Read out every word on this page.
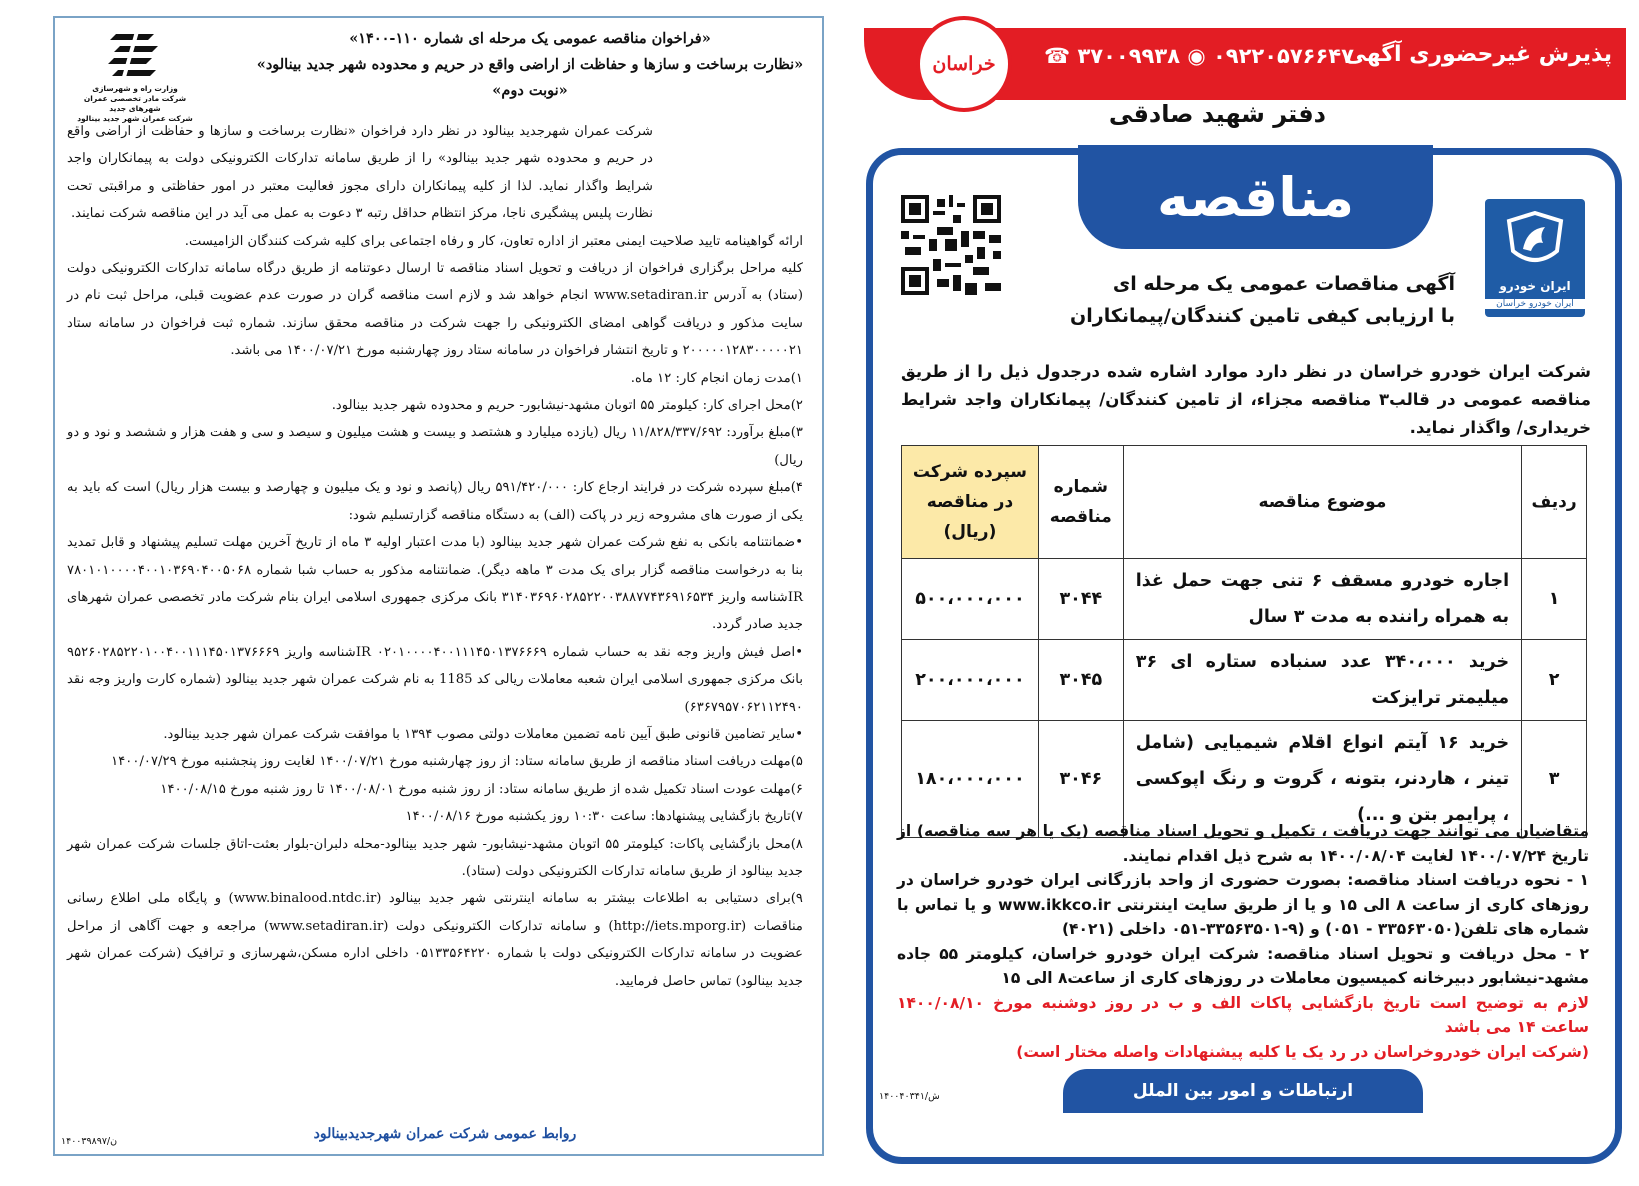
«فراخوان مناقصه عمومی یک مرحله ای شماره ۱۱۰-۱۴۰۰»
«نظارت برساخت و سازها و حفاظت از اراضی واقع در حریم و محدوده شهر جدید بینالود»
«نوبت دوم»
وزارت راه و شهرسازی
شرکت مادر تخصصی عمران شهرهای جدید
شرکت عمران شهر جدید بینالود

شرکت عمران شهرجدید بینالود در نظر دارد فراخوان «نظارت برساخت و سازها و حفاظت از اراضی واقع در حریم و محدوده شهر جدید بینالود» را از طریق سامانه تدارکات الکترونیکی دولت به پیمانکاران واجد شرایط واگذار نماید. لذا از کلیه پیمانکاران دارای مجوز فعالیت معتبر در امور حفاظتی و مراقبتی تحت نظارت پلیس پیشگیری ناجا، مرکز انتظام حداقل رتبه ۳ دعوت به عمل می آید در این مناقصه شرکت نمایند.

ارائه گواهینامه تایید صلاحیت ایمنی معتبر از اداره تعاون، کار و رفاه اجتماعی برای کلیه شرکت کنندگان الزامیست.

کلیه مراحل برگزاری فراخوان از دریافت و تحویل اسناد مناقصه تا ارسال دعوتنامه از طریق درگاه سامانه تدارکات الکترونیکی دولت (ستاد) به آدرس www.setadiran.ir انجام خواهد شد و لازم است مناقصه گران در صورت عدم عضویت قبلی، مراحل ثبت نام در سایت مذکور و دریافت گواهی امضای الکترونیکی را جهت شرکت در مناقصه محقق سازند. شماره ثبت فراخوان در سامانه ستاد ۲۰۰۰۰۰۱۲۸۳۰۰۰۰۰۲۱ و تاریخ انتشار فراخوان در سامانه ستاد روز چهارشنبه مورخ ۱۴۰۰/۰۷/۲۱ می باشد.

۱)مدت زمان انجام کار: ۱۲ ماه.

۲)محل اجرای کار: کیلومتر ۵۵ اتوبان مشهد-نیشابور- حریم و محدوده شهر جدید بینالود.

۳)مبلغ برآورد: ۱۱/۸۲۸/۳۳۷/۶۹۲ ریال (یازده میلیارد و هشتصد و بیست و هشت میلیون و سیصد و سی و هفت هزار و ششصد و نود و دو ریال)

۴)مبلغ سپرده شرکت در فرایند ارجاع کار: ۵۹۱/۴۲۰/۰۰۰ ریال (پانصد و نود و یک میلیون و چهارصد و بیست هزار ریال) است که باید به یکی از صورت های مشروحه زیر در پاکت (الف) به دستگاه مناقصه گزارتسلیم شود:

•ضمانتنامه بانکی به نفع شرکت عمران شهر جدید بینالود (با مدت اعتبار اولیه ۳ ماه از تاریخ آخرین مهلت تسلیم پیشنهاد و قابل تمدید بنا به درخواست مناقصه گزار برای یک مدت ۳ ماهه دیگر). ضمانتنامه مذکور به حساب شبا شماره ۷۸۰۱۰۱۰۰۰۰۴۰۰۱۰۳۶۹۰۴۰۰۵۰۶۸ IRشناسه واریز ۳۱۴۰۳۶۹۶۰۲۸۵۲۲۰۰۳۸۸۷۷۴۳۶۹۱۶۵۳۴ بانک مرکزی جمهوری اسلامی ایران بنام شرکت مادر تخصصی عمران شهرهای جدید صادر گردد.

•اصل فیش واریز وجه نقد به حساب شماره ۰۲۰۱۰۰۰۰۴۰۰۱۱۱۴۵۰۱۳۷۶۶۶۹ IRشناسه واریز ۹۵۲۶۰۲۸۵۲۲۰۱۰۰۴۰۰۱۱۱۴۵۰۱۳۷۶۶۶۹ بانک مرکزی جمهوری اسلامی ایران شعبه معاملات ریالی کد 1185 به نام شرکت عمران شهر جدید بینالود (شماره کارت واریز وجه نقد ۶۳۶۷۹۵۷۰۶۲۱۱۲۴۹۰)

•سایر تضامین قانونی طبق آیین نامه تضمین معاملات دولتی مصوب ۱۳۹۴ با موافقت شرکت عمران شهر جدید بینالود.

۵)مهلت دریافت اسناد مناقصه از طریق سامانه ستاد: از روز چهارشنبه مورخ ۱۴۰۰/۰۷/۲۱ لغایت روز پنجشنبه مورخ ۱۴۰۰/۰۷/۲۹

۶)مهلت عودت اسناد تکمیل شده از طریق سامانه ستاد: از روز شنبه مورخ ۱۴۰۰/۰۸/۰۱ تا روز شنبه مورخ ۱۴۰۰/۰۸/۱۵

۷)تاریخ بازگشایی پیشنهادها: ساعت ۱۰:۳۰ روز یکشنبه مورخ ۱۴۰۰/۰۸/۱۶

۸)محل بازگشایی پاکات: کیلومتر ۵۵ اتوبان مشهد-نیشابور- شهر جدید بینالود-محله دلبران-بلوار بعثت-اتاق جلسات شرکت عمران شهر جدید بینالود از طریق سامانه تدارکات الکترونیکی دولت (ستاد).

۹)برای دستیابی به اطلاعات بیشتر به سامانه اینترنتی شهر جدید بینالود (www.binalood.ntdc.ir) و پایگاه ملی اطلاع رسانی مناقصات (http://iets.mporg.ir) و سامانه تدارکات الکترونیکی دولت (www.setadiran.ir) مراجعه و جهت آگاهی از مراحل عضویت در سامانه تدارکات الکترونیکی دولت با شماره ۰۵۱۳۳۵۶۴۲۲۰ داخلی اداره مسکن،شهرسازی و ترافیک (شرکت عمران شهر جدید بینالود) تماس حاصل فرمایید.

روابط عمومی شرکت عمران شهرجدیدبینالود
۱۴۰۰۳۹۸۹۷/ن
پذیرش غیرحضوری آگهی
☎ ۳۷۰۰۹۹۳۸ ◉ ۰۹۲۲۰۵۷۶۶۴۷
خراسان
دفتر شهید صادقی
مناقصه
ایران خودرو
ایران خودرو خراسان
آگهی مناقصات عمومی یک مرحله ای
با ارزیابی کیفی تامین کنندگان/پیمانکاران
شرکت ایران خودرو خراسان در نظر دارد موارد اشاره شده درجدول ذیل را از طریق مناقصه عمومی در قالب۳ مناقصه مجزاء، از تامین کنندگان/ پیمانکاران واجد شرایط خریداری/ واگذار نماید.
ردیف	موضوع مناقصه	شماره مناقصه	سپرده شرکت در مناقصه (ریال)
۱	اجاره خودرو مسقف ۶ تنی جهت حمل غذا به همراه راننده به مدت ۳ سال	۳۰۴۴	۵۰۰،۰۰۰،۰۰۰
۲	خرید ۳۴۰،۰۰۰ عدد سنباده ستاره ای ۳۶ میلیمتر ترایزکت	۳۰۴۵	۲۰۰،۰۰۰،۰۰۰
۳	خرید ۱۶ آیتم انواع اقلام شیمیایی (شامل تینر ، هاردنر، بتونه ، گروت و رنگ اپوکسی ، پرایمر بتن و ...)	۳۰۴۶	۱۸۰،۰۰۰،۰۰۰

متقاضیان می توانند جهت دریافت ، تکمیل و تحویل اسناد مناقصه (یک یا هر سه مناقصه) از تاریخ ۱۴۰۰/۰۷/۲۴ لغایت ۱۴۰۰/۰۸/۰۴ به شرح ذیل اقدام نمایند.

۱ - نحوه دریافت اسناد مناقصه: بصورت حضوری از واحد بازرگانی ایران خودرو خراسان در روزهای کاری از ساعت ۸ الی ۱۵ و یا از طریق سایت اینترنتی www.ikkco.ir و یا تماس با شماره های تلفن(۳۳۵۶۳۰۵۰ - ۰۵۱) و (۹-۳۳۵۶۳۵۰۱-۰۵۱ داخلی (۴۰۲۱)

۲ - محل دریافت و تحویل اسناد مناقصه: شرکت ایران خودرو خراسان، کیلومتر ۵۵ جاده مشهد-نیشابور دبیرخانه کمیسیون معاملات در روزهای کاری از ساعت۸ الی ۱۵

لازم به توضیح است تاریخ بازگشایی پاکات الف و ب در روز دوشنبه مورخ ۱۴۰۰/۰۸/۱۰ ساعت ۱۴ می باشد

(شرکت ایران خودروخراسان در رد یک یا کلیه پیشنهادات واصله مختار است)

ارتباطات و امور بین الملل
۱۴۰۰۴۰۳۴۱/ش
